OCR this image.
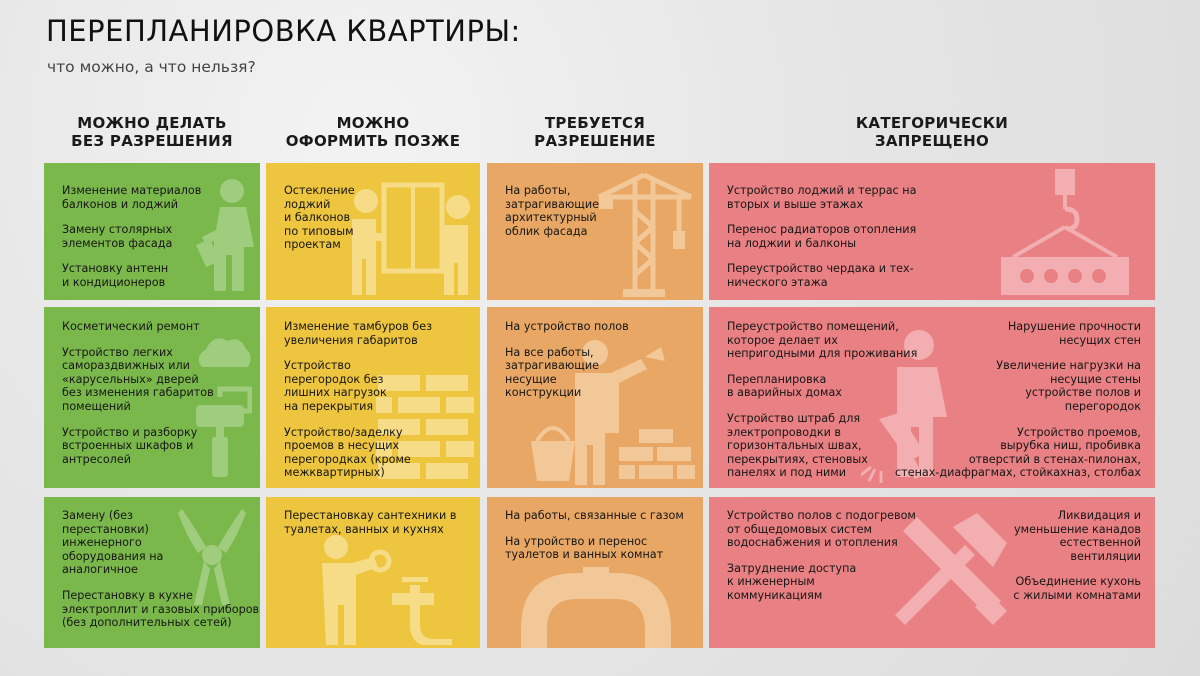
ПЕРЕПЛАНИРОВКА КВАРТИРЫ:

что можно, а что нельзя?

МОЖНО ДЕЛАТЬ
БЕЗ РАЗРЕШЕНИЯ
МОЖНО
ОФОРМИТЬ ПОЗЖЕ
ТРЕБУЕТСЯ
РАЗРЕШЕНИЕ
КАТЕГОРИЧЕСКИ
ЗАПРЕЩЕНО

Изменение материалов
балконов и лоджий

Замену столярных
элементов фасада

Установку антенн
и кондиционеров

Косметический ремонт

Устройство легких
самораздвижных или
«карусельных» дверей
без изменения габаритов
помещений

Устройство и разборку
встроенных шкафов и
антресолей

Замену (без
перестановки)
инженерного
оборудования на
аналогичное

Перестановку в кухне
электроплит и газовых приборов
(без дополнительных сетей)

Остекление
лоджий
и балконов
по типовым
проектам

Изменение тамбуров без
увеличения габаритов

Устройство
перегородок без
лишних нагрузок
на перекрытия

Устройство/заделку
проемов в несущих
перегородках (кроме
межквартирных)

Перестановкау сантехники в
туалетах, ванных и кухнях

На работы,
затрагивающие
архитектурный
облик фасада

На устройство полов

На все работы,
затрагивающие
несущие
конструкции

На работы, связанные с газом

На утройство и перенос
туалетов и ванных комнат

Устройство лоджий и террас на
вторых и выше этажах

Перенос радиаторов отопления
на лоджии и балконы

Переустройство чердака и тех-
нического этажа

Переустройство помещений,
которое делает их
непригодными для проживания

Перепланировка
в аварийных домах

Устройство штраб для
электропроводки в
горизонтальных швах,
перекрытиях, стеновых
панелях и под ними

Нарушение прочности
несущих стен

Увеличение нагрузки на
несущие стены
устройстве полов и
перегородок

Устройство проемов,
вырубка ниш, пробивка
отверстий в стенах-пилонах,
стенах-диафрагмах, стойкахназ, столбах

Устройство полов с подогревом
от общедомовых систем
водоснабжения и отопления

Затруднение доступа
к инженерным
коммуникациям

Ликвидация и
уменьшение канадов
естественной
вентиляции

Объединение кухонь
с жилыми комнатами
